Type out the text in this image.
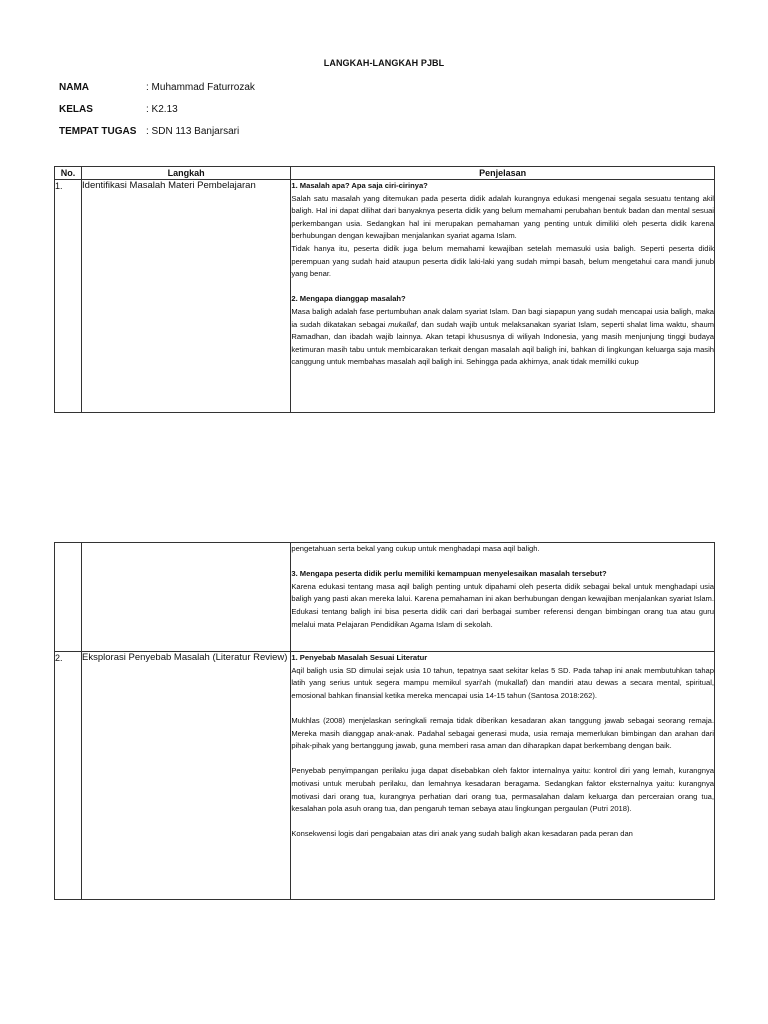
LANGKAH-LANGKAH PJBL
NAMA	: Muhammad Faturrozak
KELAS	: K2.13
TEMPAT TUGAS : SDN 113 Banjarsari
No.	Langkah	Penjelasan
1.	Identifikasi Masalah Materi Pembelajaran	1. Masalah apa? Apa saja ciri-cirinya?

Salah satu masalah yang ditemukan pada peserta didik adalah kurangnya edukasi mengenai segala sesuatu tentang akil baligh. Hal ini dapat dilihat dari banyaknya peserta didik yang belum memahami perubahan bentuk badan dan mental sesuai perkembangan usia. Sedangkan hal ini merupakan pemahaman yang penting untuk dimiliki oleh peserta didik karena berhubungan dengan kewajiban menjalankan syariat agama Islam.

Tidak hanya itu, peserta didik juga belum memahami kewajiban setelah memasuki usia baligh. Seperti peserta didik perempuan yang sudah haid ataupun peserta didik laki-laki yang sudah mimpi basah, belum mengetahui cara mandi junub yang benar.

2. Mengapa dianggap masalah?

Masa baligh adalah fase pertumbuhan anak dalam syariat Islam. Dan bagi siapapun yang sudah mencapai usia baligh, maka ia sudah dikatakan sebagai mukallaf, dan sudah wajib untuk melaksanakan syariat Islam, seperti shalat lima waktu, shaum Ramadhan, dan ibadah wajib lainnya. Akan tetapi khususnya di wiliyah Indonesia, yang masih menjunjung tinggi budaya ketimuran masih tabu untuk membicarakan terkait dengan masalah aqil baligh ini, bahkan di lingkungan keluarga saja masih canggung untuk membahas masalah aqil baligh ini. Sehingga pada akhirnya, anak tidak memiliki cukup

		pengetahuan serta bekal yang cukup untuk menghadapi masa aqil baligh.

3. Mengapa peserta didik perlu memiliki kemampuan menyelesaikan masalah tersebut?

Karena edukasi tentang masa aqil baligh penting untuk dipahami oleh peserta didik sebagai bekal untuk menghadapi usia baligh yang pasti akan mereka lalui. Karena pemahaman ini akan berhubungan dengan kewajiban menjalankan syariat Islam. Edukasi tentang baligh ini bisa peserta didik cari dari berbagai sumber referensi dengan bimbingan orang tua atau guru melalui mata Pelajaran Pendidikan Agama Islam di sekolah.

2.	Eksplorasi Penyebab Masalah (Literatur Review)	1. Penyebab Masalah Sesuai Literatur

Aqil baligh usia SD dimulai sejak usia 10 tahun, tepatnya saat sekitar kelas 5 SD. Pada tahap ini anak membutuhkan tahap latih yang serius untuk segera mampu memikul syari'ah (mukallaf) dan mandiri atau dewas a secara mental, spiritual, emosional bahkan finansial ketika mereka mencapai usia 14-15 tahun (Santosa 2018:262).

Mukhlas (2008) menjelaskan seringkali remaja tidak diberikan kesadaran akan tanggung jawab sebagai seorang remaja. Mereka masih dianggap anak-anak. Padahal sebagai generasi muda, usia remaja memerlukan bimbingan dan arahan dari pihak-pihak yang bertanggung jawab, guna memberi rasa aman dan diharapkan dapat berkembang dengan baik.

Penyebab penyimpangan perilaku juga dapat disebabkan oleh faktor internalnya yaitu: kontrol diri yang lemah, kurangnya motivasi untuk merubah perilaku, dan lemahnya kesadaran beragama. Sedangkan faktor eksternalnya yaitu: kurangnya motivasi dari orang tua, kurangnya perhatian dari orang tua, permasalahan dalam keluarga dan perceraian orang tua, kesalahan pola asuh orang tua, dan pengaruh teman sebaya atau lingkungan pergaulan (Putri 2018).

Konsekwensi logis dari pengabaian atas diri anak yang sudah baligh akan kesadaran pada peran dan
